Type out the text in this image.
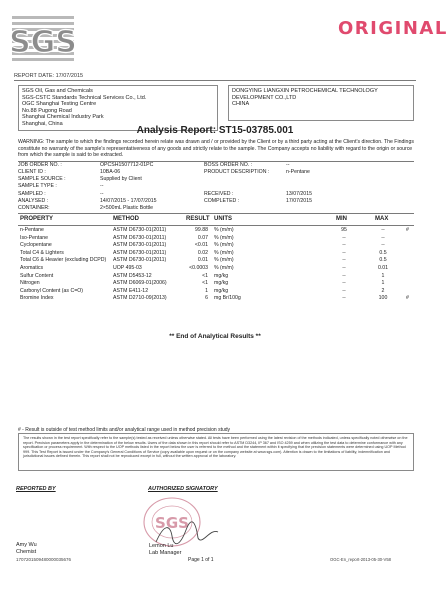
SGS	ORIGINAL
REPORT DATE: 17/07/2015
SGS Oil, Gas and Chemicals
SGS-CSTC Standards Technical Services Co., Ltd.
OGC Shanghai Testing Centre
No.88 Pugong Road
Shanghai Chemical Industry Park
Shanghai, China
DONGYING LIANGXIN PETROCHEMICAL TECHNOLOGY
DEVELOPMENT CO.,LTD
CHINA
Analysis Report: ST15-03785.001
WARNING: The sample to which the findings recorded herein relate was drawn and / or provided by the Client or by a third party acting at the Client's direction. The Findings constitute no warranty of the sample's representativeness of any goods and strictly relate to the sample. The Company accepts no liability with regard to the origin or source from which the sample is said to be extracted.
JOB ORDER NO. :	OPCSH1507712-01PC	BOSS ORDER NO. :	--
CLIENT ID :	10BA-06	PRODUCT DESCRIPTION :	n-Pentane
SAMPLE SOURCE :	Supplied by Client
SAMPLE TYPE :	--
SAMPLED :	--	RECEIVED :	13/07/2015
ANALYSED :	14/07/2015 - 17/07/2015	COMPLETED :	17/07/2015
CONTAINER:	2×500mL Plastic Bottle
PROPERTY	METHOD	RESULT UNITS	MIN	MAX
n-Pentane	ASTM D6730-01(2011)	99.88 % (m/m)	95	--	#
Iso-Pentane	ASTM D6730-01(2011)	0.07 % (m/m)	--	--
Cyclopentane	ASTM D6730-01(2011)	<0.01 % (m/m)	--	--
Total C4 & Lighters	ASTM D6730-01(2011)	0.02 % (m/m)	--	0.5
Total C6 & Heavier (excluding DCPD) ASTM D6730-01(2011)	0.01 % (m/m)	--	0.5
Aromatics	UOP 495-03	<0.0003 % (m/m)	--	0.01
Sulfur Content	ASTM D5453-12	<1 mg/kg	--	1
Nitrogen	ASTM D6069-01(2006)	<1 mg/kg	--	1
Carbonyl Content (as C=O)	ASTM E411-12	1 mg/kg	--	2
Bromine Index	ASTM D2710-09(2013)	6 mg Br/100g	--	100	#
** End of Analytical Results **
# - Result is outside of test method limits and/or analytical range used in method precision study
The results shown in the test report specifically refer to the sample(s) tested as received unless otherwise stated. All tests have been performed using the latest revision of the methods indicated, unless specifically noted otherwise on the report. Precision parameters apply in the determination of the below results. Users of the data shown in this report should refer to ASTM D3244, IP 367 and ISO 4259 and when utilizing the test data to determine conformance with any specification or process requirement. With respect to the UOP methods listed in the report below the user is referred to the method and the statement within it specifying that the precision statements were determined using UOP Method 999. This Test Report is issued under the Company's General Conditions of Service (copy available upon request or on the company website at www.sgs.com). Attention is drawn to the limitations of liability, indemnification and jurisdictional issues defined therein. This report shall not be reproduced except in full, without the written approval of the laboratory.
REPORTED BY	AUTHORIZED SIGNATORY
SGS
Amy Wu
Chemist
Lemon Lu
Lab Manager
1707201509480000035676	Page 1 of 1	OGC-En_report-2013-05-30-V58
